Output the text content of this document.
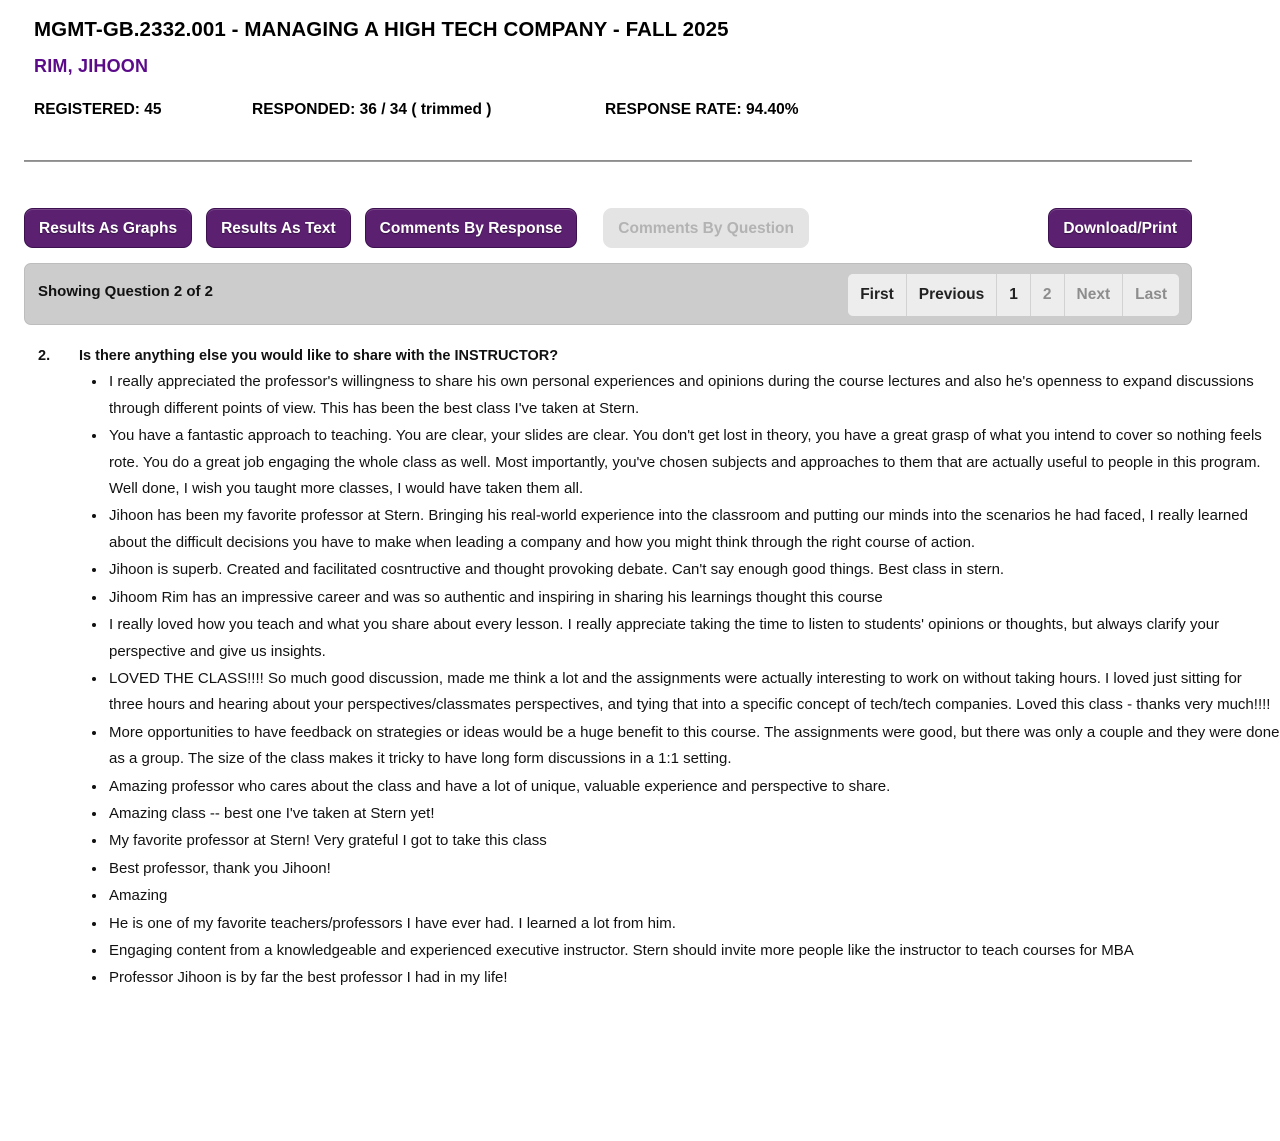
MGMT-GB.2332.001 - MANAGING A HIGH TECH COMPANY - FALL 2025
RIM, JIHOON
REGISTERED: 45	RESPONDED: 36 / 34 ( trimmed )	RESPONSE RATE: 94.40%
Results As Graphs	Results As Text	Comments By Response	Comments By Question	Download/Print
Showing Question 2 of 2	First	Previous	1	2	Next	Last
2. Is there anything else you would like to share with the INSTRUCTOR?
I really appreciated the professor's willingness to share his own personal experiences and opinions during the course lectures and also he's openness to expand discussions through different points of view. This has been the best class I've taken at Stern.
You have a fantastic approach to teaching. You are clear, your slides are clear. You don't get lost in theory, you have a great grasp of what you intend to cover so nothing feels rote. You do a great job engaging the whole class as well. Most importantly, you've chosen subjects and approaches to them that are actually useful to people in this program. Well done, I wish you taught more classes, I would have taken them all.
Jihoon has been my favorite professor at Stern. Bringing his real-world experience into the classroom and putting our minds into the scenarios he had faced, I really learned about the difficult decisions you have to make when leading a company and how you might think through the right course of action.
Jihoon is superb. Created and facilitated cosntructive and thought provoking debate. Can't say enough good things. Best class in stern.
Jihoom Rim has an impressive career and was so authentic and inspiring in sharing his learnings thought this course
I really loved how you teach and what you share about every lesson. I really appreciate taking the time to listen to students' opinions or thoughts, but always clarify your perspective and give us insights.
LOVED THE CLASS!!!! So much good discussion, made me think a lot and the assignments were actually interesting to work on without taking hours. I loved just sitting for three hours and hearing about your perspectives/classmates perspectives, and tying that into a specific concept of tech/tech companies. Loved this class - thanks very much!!!!
More opportunities to have feedback on strategies or ideas would be a huge benefit to this course. The assignments were good, but there was only a couple and they were done as a group. The size of the class makes it tricky to have long form discussions in a 1:1 setting.
Amazing professor who cares about the class and have a lot of unique, valuable experience and perspective to share.
Amazing class -- best one I've taken at Stern yet!
My favorite professor at Stern! Very grateful I got to take this class
Best professor, thank you Jihoon!
Amazing
He is one of my favorite teachers/professors I have ever had. I learned a lot from him.
Engaging content from a knowledgeable and experienced executive instructor. Stern should invite more people like the instructor to teach courses for MBA
Professor Jihoon is by far the best professor I had in my life!
